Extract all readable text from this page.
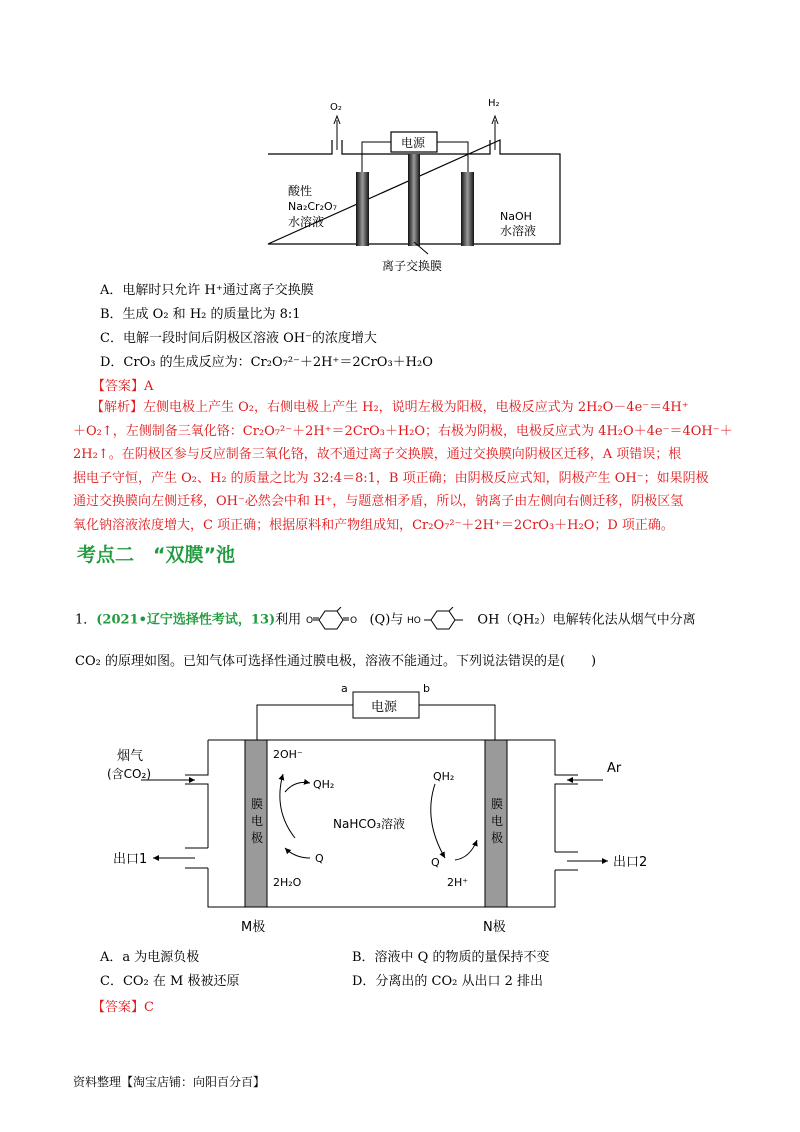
O₂	H₂
电源
酸性
Na₂Cr₂O₇
水溶液	NaOH
水溶液
离子交换膜
A．电解时只允许 H⁺通过离子交换膜
B．生成 O₂ 和 H₂ 的质量比为 8:1
C．电解一段时间后阴极区溶液 OH⁻的浓度增大
D．CrO₃ 的生成反应为：Cr₂O₇²⁻＋2H⁺＝2CrO₃＋H₂O
【答案】A
【解析】左侧电极上产生 O₂，右侧电极上产生 H₂，说明左极为阳极，电极反应式为 2H₂O－4e⁻＝4H⁺
＋O₂↑，左侧制备三氧化铬：Cr₂O₇²⁻＋2H⁺＝2CrO₃＋H₂O；右极为阴极，电极反应式为 4H₂O＋4e⁻＝4OH⁻＋
2H₂↑。在阴极区参与反应制备三氧化铬，故不通过离子交换膜，通过交换膜向阴极区迁移，A 项错误；根
据电子守恒，产生 O₂、H₂ 的质量之比为 32:4＝8:1，B 项正确；由阴极反应式知，阴极产生 OH⁻；如果阴极
通过交换膜向左侧迁移，OH⁻必然会中和 H⁺，与题意相矛盾，所以，钠离子由左侧向右侧迁移，阴极区氢
氧化钠溶液浓度增大，C 项正确；根据原料和产物组成知，Cr₂O₇²⁻＋2H⁺＝2CrO₃＋H₂O；D 项正确。
考点二　“双膜”池
1．(2021•辽宁选择性考试，13)利用 O	O (Q)与 HO	OH（QH₂）电解转化法从烟气中分离
CO₂ 的原理如图。已知气体可选择性通过膜电极，溶液不能通过。下列说法错误的是(　　)
电源
a	b
膜电极
膜电极
烟气
(含CO₂)	Ar
出口1	出口2
2OH⁻
QH₂
Q
2H₂O
NaHCO₃溶液
QH₂
Q
2H⁺
M极	N极
A．a 为电源负极	B．溶液中 Q 的物质的量保持不变
C．CO₂ 在 M 极被还原	D．分离出的 CO₂ 从出口 2 排出
【答案】C
资料整理【淘宝店铺：向阳百分百】
